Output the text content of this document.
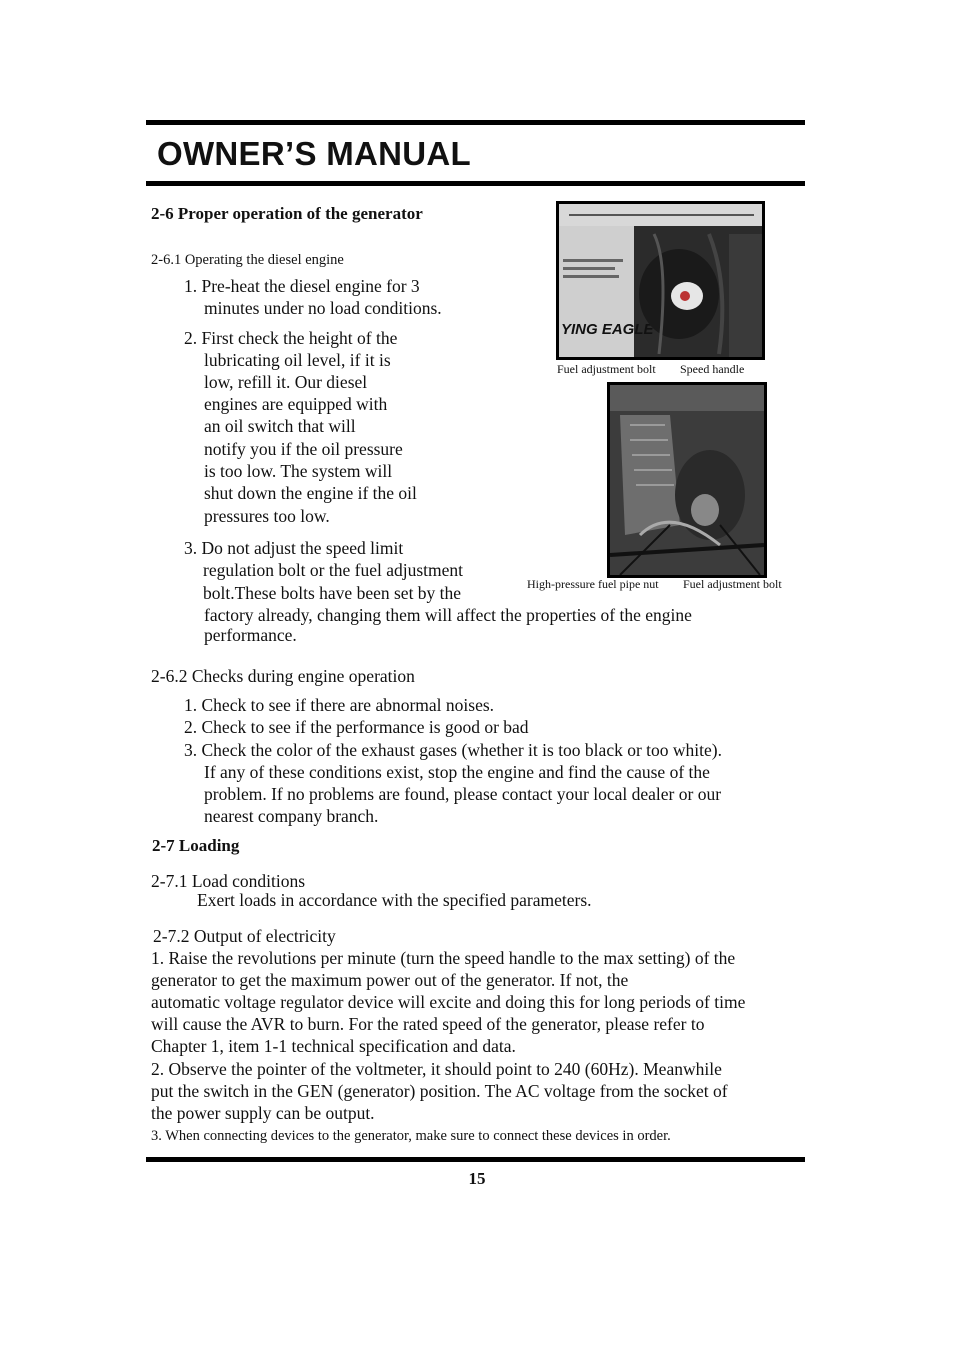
OWNER’S MANUAL
2-6 Proper operation of the generator
2-6.1 Operating the diesel engine
1. Pre-heat the diesel engine for 3
minutes under no load conditions.
2. First check the height of the
lubricating oil level, if it is
low, refill it. Our diesel
engines are equipped with
an oil switch that will
notify you if the oil pressure
is too low. The system will
shut down the engine if the oil
pressures too low.
3. Do not adjust the speed limit
regulation bolt or the fuel adjustment
bolt.These bolts have been set by the
factory already, changing them will affect the properties of the engine
performance.
YING EAGLE
Fuel adjustment bolt Speed handle
High-pressure fuel pipe nut Fuel adjustment bolt
2-6.2 Checks during engine operation
1. Check to see if there are abnormal noises.
2. Check to see if the performance is good or bad
3. Check the color of the exhaust gases (whether it is too black or too white).
If any of these conditions exist, stop the engine and find the cause of the
problem. If no problems are found, please contact your local dealer or our
nearest company branch.
2-7 Loading
2-7.1 Load conditions
Exert loads in accordance with the specified parameters.
2-7.2 Output of electricity
1. Raise the revolutions per minute (turn the speed handle to the max setting) of the
generator to get the maximum power out of the generator. If not, the
automatic voltage regulator device will excite and doing this for long periods of time
will cause the AVR to burn. For the rated speed of the generator, please refer to
Chapter 1, item 1-1 technical specification and data.
2. Observe the pointer of the voltmeter, it should point to 240 (60Hz). Meanwhile
put the switch in the GEN (generator) position. The AC voltage from the socket of
the power supply can be output.
3. When connecting devices to the generator, make sure to connect these devices in order.
15
